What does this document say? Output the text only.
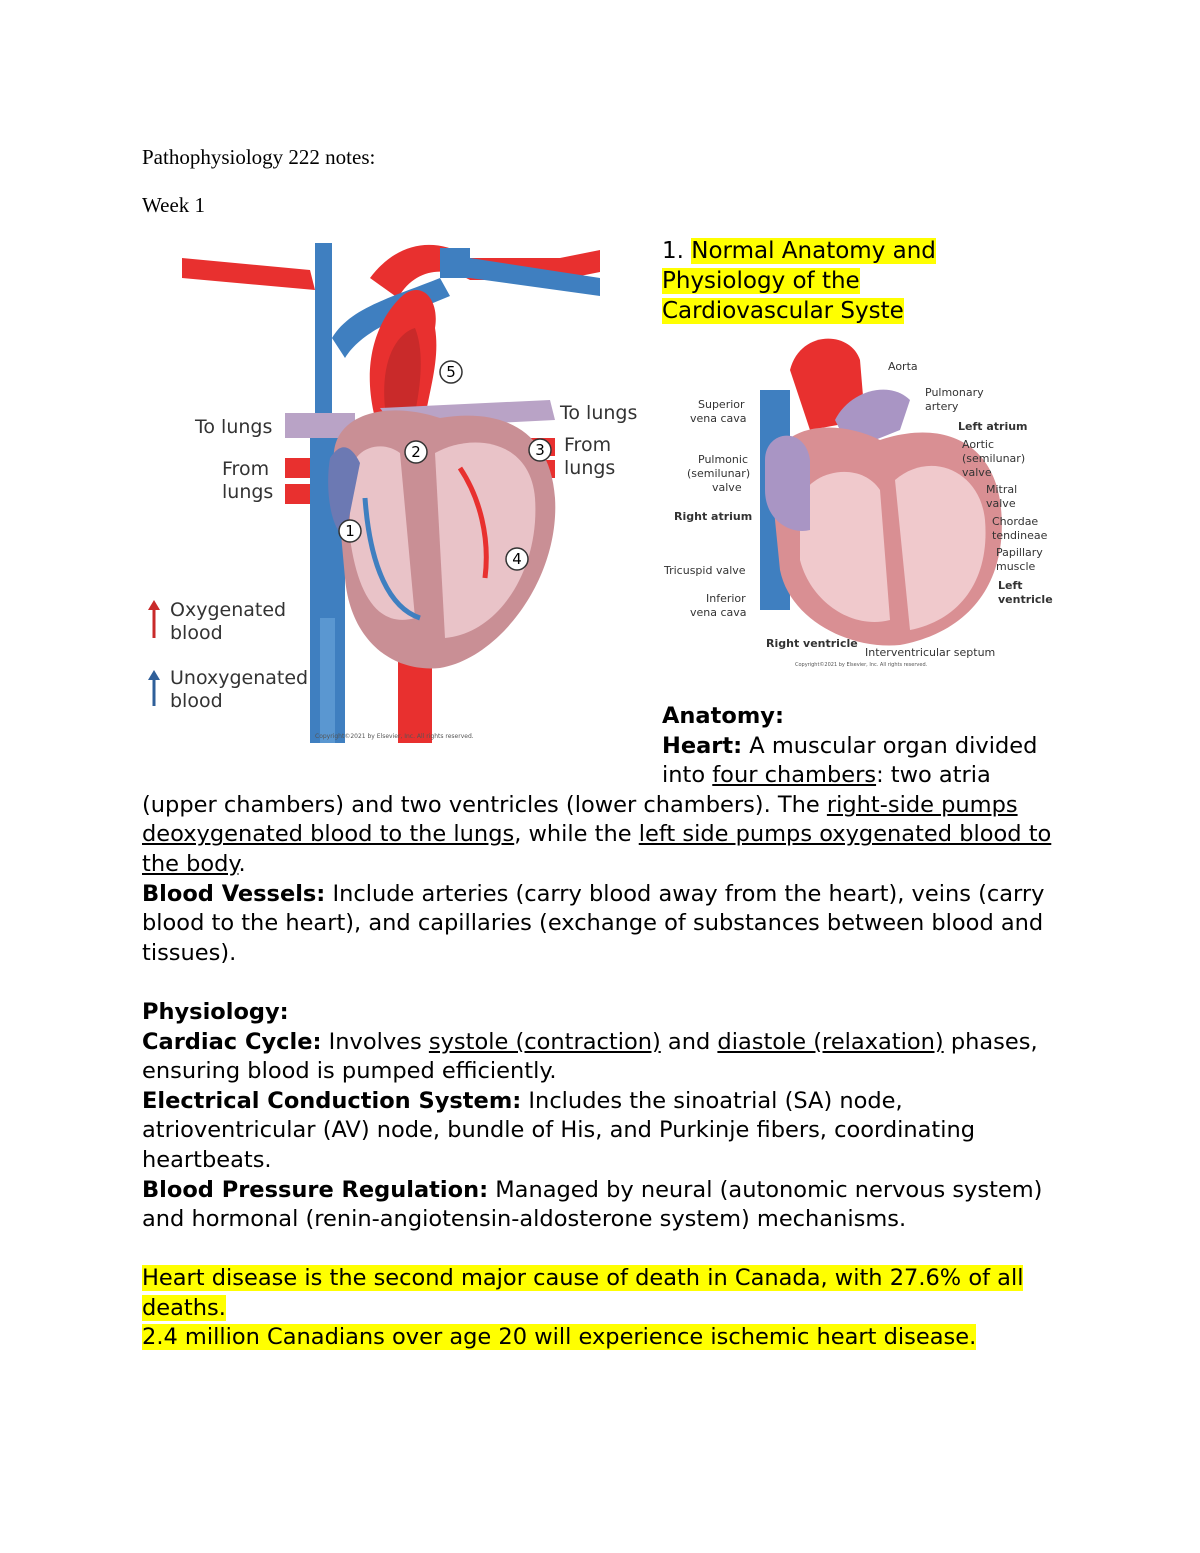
Pathophysiology 222 notes:
Week 1
1
2	3
4
5
To lungs
From
lungs
To lungs
From
lungs
Oxygenated
blood
Unoxygenated
blood
Copyright©2021 by Elsevier, Inc. All rights reserved.
1. Normal Anatomy and Physiology of the Cardiovascular Syste
Aorta
Pulmonary
artery
Left atrium
Aortic
(semilunar)
valve
Mitral
valve
Chordae
tendineae
Papillary
muscle
Left
ventricle
Superior
vena cava
Pulmonic
(semilunar)
valve
Right atrium
Tricuspid valve
Inferior
vena cava
Right ventricle
Interventricular septum
Copyright©2021 by Elsevier, Inc. All rights reserved.

Anatomy:

Heart: A muscular organ divided into four chambers: two atria (upper chambers) and two ventricles (lower chambers). The right-side pumps deoxygenated blood to the lungs, while the left side pumps oxygenated blood to the body.

Blood Vessels: Include arteries (carry blood away from the heart), veins (carry blood to the heart), and capillaries (exchange of substances between blood and tissues).

Physiology:

Cardiac Cycle: Involves systole (contraction) and diastole (relaxation) phases, ensuring blood is pumped efficiently.

Electrical Conduction System: Includes the sinoatrial (SA) node, atrioventricular (AV) node, bundle of His, and Purkinje fibers, coordinating heartbeats.

Blood Pressure Regulation: Managed by neural (autonomic nervous system) and hormonal (renin-angiotensin-aldosterone system) mechanisms.

Heart disease is the second major cause of death in Canada, with 27.6% of all deaths.

2.4 million Canadians over age 20 will experience ischemic heart disease.
